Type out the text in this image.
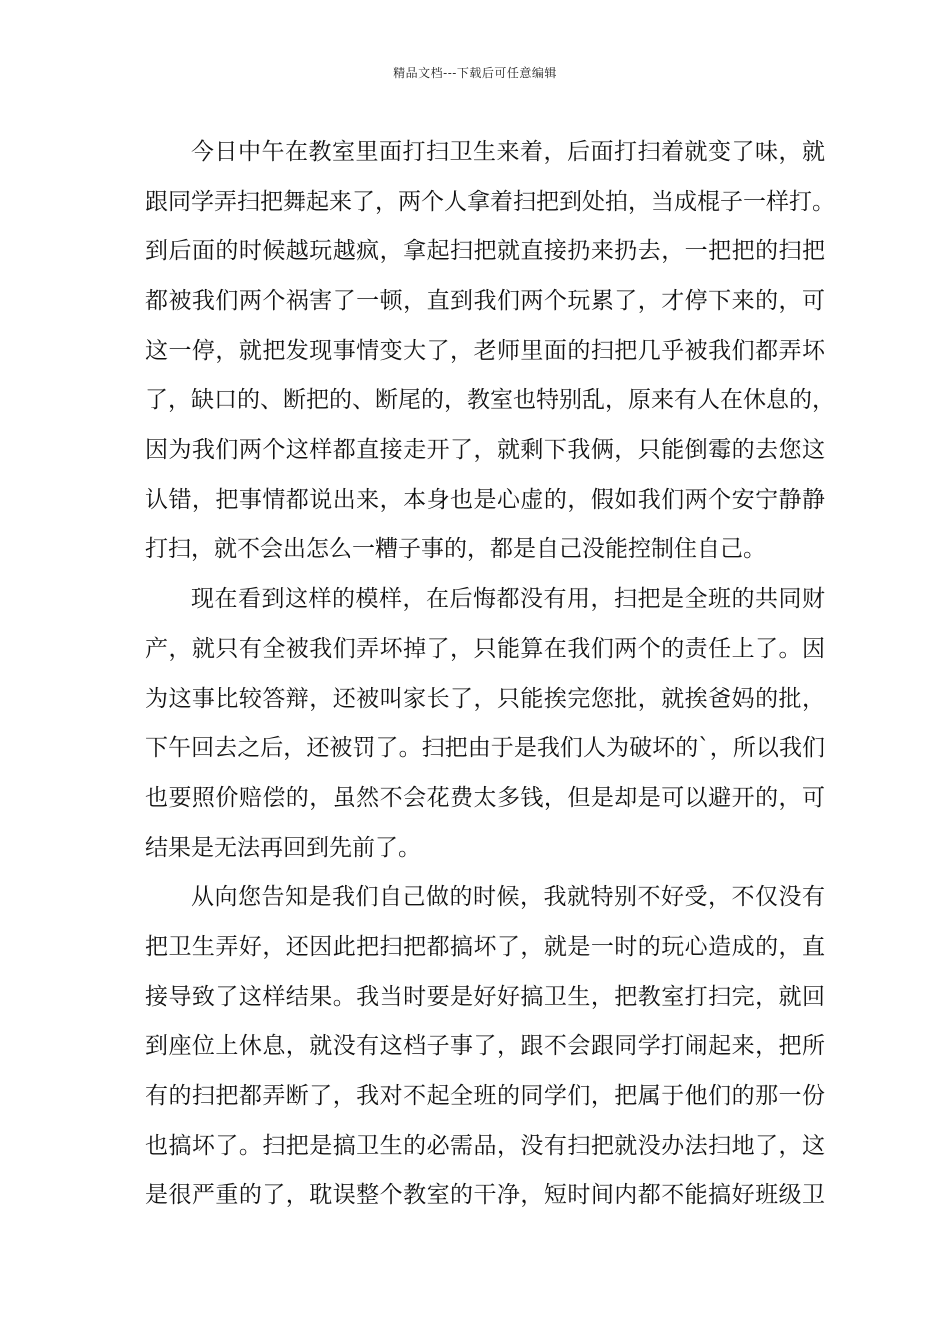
精品文档---下载后可任意编辑
今日中午在教室里面打扫卫生来着，后面打扫着就变了味，就
跟同学弄扫把舞起来了，两个人拿着扫把到处拍，当成棍子一样打。
到后面的时候越玩越疯，拿起扫把就直接扔来扔去，一把把的扫把
都被我们两个祸害了一顿，直到我们两个玩累了，才停下来的，可
这一停，就把发现事情变大了，老师里面的扫把几乎被我们都弄坏
了，缺口的、断把的、断尾的，教室也特别乱，原来有人在休息的，
因为我们两个这样都直接走开了，就剩下我俩，只能倒霉的去您这
认错，把事情都说出来，本身也是心虚的，假如我们两个安宁静静
打扫，就不会出怎么一糟子事的，都是自己没能控制住自己。
现在看到这样的模样，在后悔都没有用，扫把是全班的共同财
产，就只有全被我们弄坏掉了，只能算在我们两个的责任上了。因
为这事比较答辩，还被叫家长了，只能挨完您批，就挨爸妈的批，
下午回去之后，还被罚了。扫把由于是我们人为破坏的`，所以我们
也要照价赔偿的，虽然不会花费太多钱，但是却是可以避开的，可
结果是无法再回到先前了。
从向您告知是我们自己做的时候，我就特别不好受，不仅没有
把卫生弄好，还因此把扫把都搞坏了，就是一时的玩心造成的，直
接导致了这样结果。我当时要是好好搞卫生，把教室打扫完，就回
到座位上休息，就没有这档子事了，跟不会跟同学打闹起来，把所
有的扫把都弄断了，我对不起全班的同学们，把属于他们的那一份
也搞坏了。扫把是搞卫生的必需品，没有扫把就没办法扫地了，这
是很严重的了，耽误整个教室的干净，短时间内都不能搞好班级卫
